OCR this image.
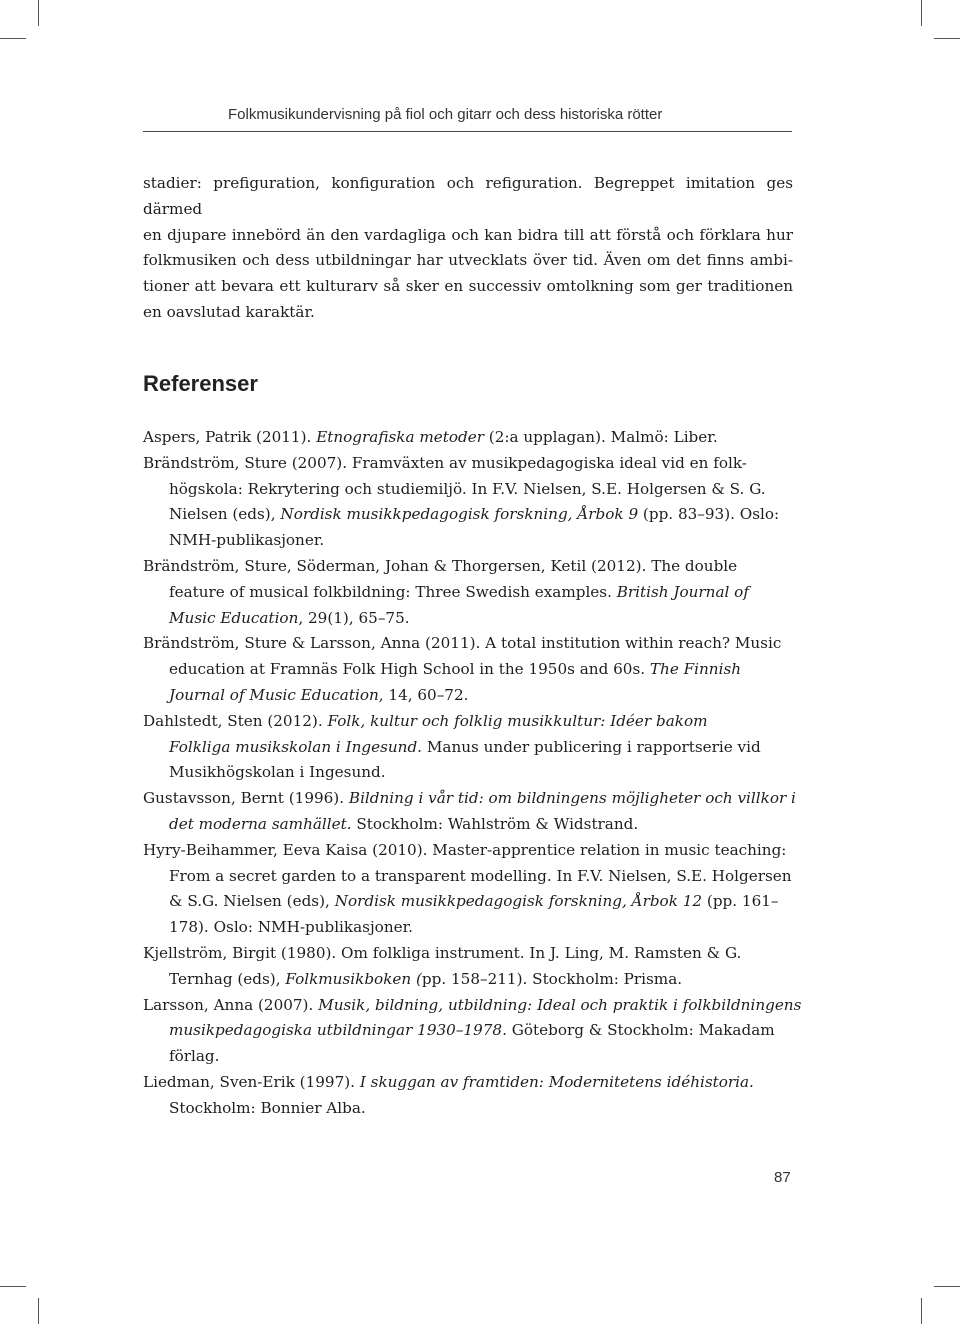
Folkmusikundervisning på fiol och gitarr och dess historiska rötter
stadier: prefiguration, konfiguration och refiguration. Begreppet imitation ges därmed
en djupare innebörd än den vardagliga och kan bidra till att förstå och förklara hur
folkmusiken och dess utbildningar har utvecklats över tid. Även om det finns ambi-
tioner att bevara ett kulturarv så sker en successiv omtolkning som ger traditionen
en oavslutad karaktär.
Referenser
Aspers, Patrik (2011). Etnografiska metoder (2:a upplagan). Malmö: Liber.
Brändström, Sture (2007). Framväxten av musikpedagogiska ideal vid en folk-
högskola: Rekrytering och studiemiljö. In F.V. Nielsen, S.E. Holgersen & S. G.
Nielsen (eds), Nordisk musikkpedagogisk forskning, Årbok 9 (pp. 83–93). Oslo:
NMH-publikasjoner.
Brändström, Sture, Söderman, Johan & Thorgersen, Ketil (2012). The double
feature of musical folkbildning: Three Swedish examples. British Journal of
Music Education, 29(1), 65–75.
Brändström, Sture & Larsson, Anna (2011). A total institution within reach? Music
education at Framnäs Folk High School in the 1950s and 60s. The Finnish
Journal of Music Education, 14, 60–72.
Dahlstedt, Sten (2012). Folk, kultur och folklig musikkultur: Idéer bakom
Folkliga musikskolan i Ingesund. Manus under publicering i rapportserie vid
Musikhögskolan i Ingesund.
Gustavsson, Bernt (1996). Bildning i vår tid: om bildningens möjligheter och villkor i
det moderna samhället. Stockholm: Wahlström & Widstrand.
Hyry-Beihammer, Eeva Kaisa (2010). Master-apprentice relation in music teaching:
From a secret garden to a transparent modelling. In F.V. Nielsen, S.E. Holgersen
& S.G. Nielsen (eds), Nordisk musikkpedagogisk forskning, Årbok 12 (pp. 161–
178). Oslo: NMH-publikasjoner.
Kjellström, Birgit (1980). Om folkliga instrument. In J. Ling, M. Ramsten & G.
Ternhag (eds), Folkmusikboken (pp. 158–211). Stockholm: Prisma.
Larsson, Anna (2007). Musik, bildning, utbildning: Ideal och praktik i folkbildningens
musikpedagogiska utbildningar 1930–1978. Göteborg & Stockholm: Makadam
förlag.
Liedman, Sven-Erik (1997). I skuggan av framtiden: Modernitetens idéhistoria.
Stockholm: Bonnier Alba.
87
